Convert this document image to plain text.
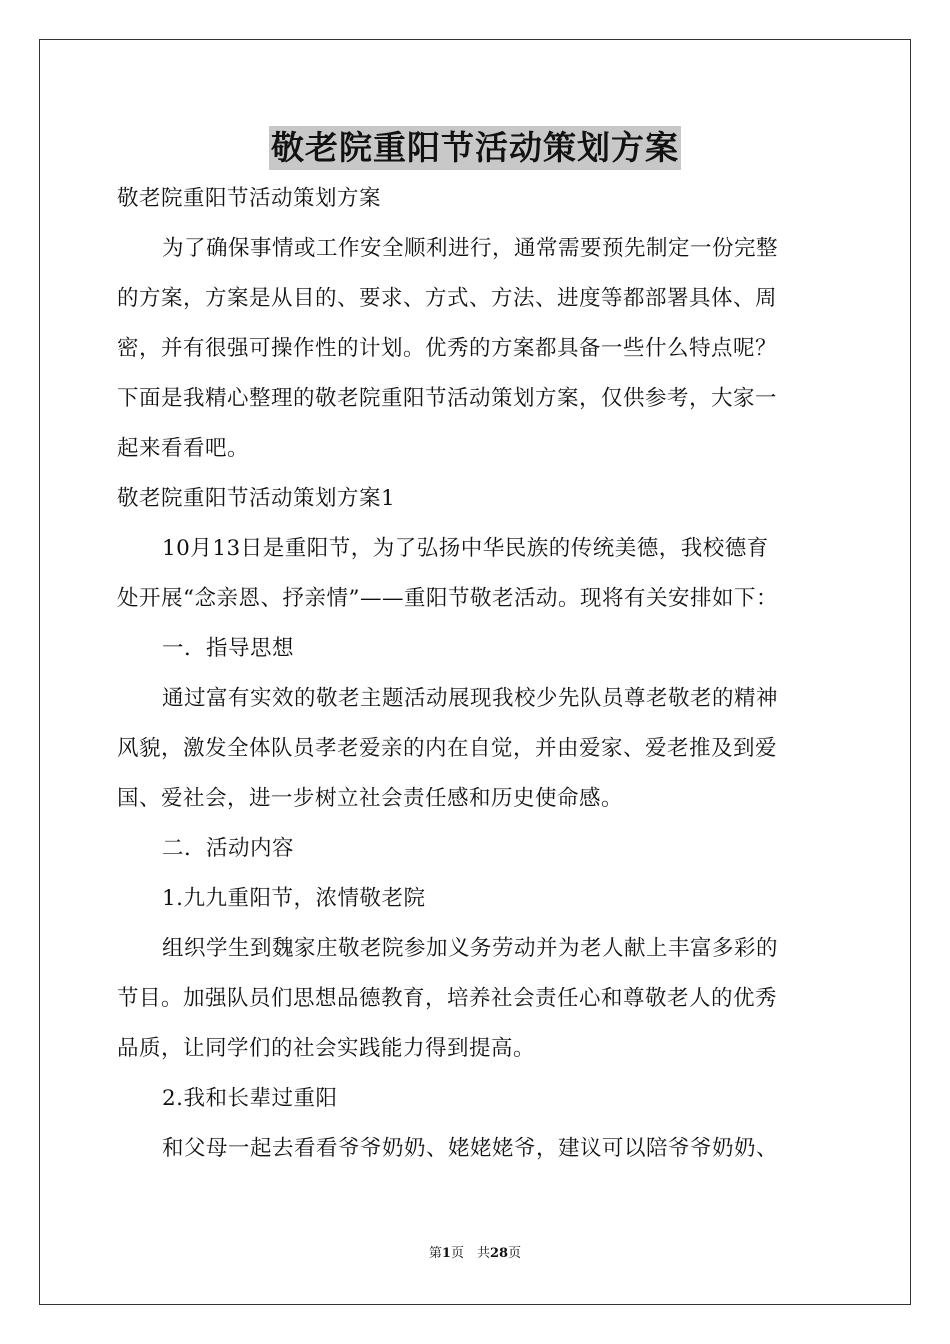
敬老院重阳节活动策划方案
敬老院重阳节活动策划方案
为了确保事情或工作安全顺利进行，通常需要预先制定一份完整
的方案，方案是从目的、要求、方式、方法、进度等都部署具体、周
密，并有很强可操作性的计划。优秀的方案都具备一些什么特点呢？
下面是我精心整理的敬老院重阳节活动策划方案，仅供参考，大家一
起来看看吧。
敬老院重阳节活动策划方案1
10月13日是重阳节，为了弘扬中华民族的传统美德，我校德育
处开展“念亲恩、抒亲情”——重阳节敬老活动。现将有关安排如下：
一．指导思想
通过富有实效的敬老主题活动展现我校少先队员尊老敬老的精神
风貌，激发全体队员孝老爱亲的内在自觉，并由爱家、爱老推及到爱
国、爱社会，进一步树立社会责任感和历史使命感。
二．活动内容
1.九九重阳节，浓情敬老院
组织学生到魏家庄敬老院参加义务劳动并为老人献上丰富多彩的
节目。加强队员们思想品德教育，培养社会责任心和尊敬老人的优秀
品质，让同学们的社会实践能力得到提高。
2.我和长辈过重阳
和父母一起去看看爷爷奶奶、姥姥姥爷，建议可以陪爷爷奶奶、
第1页　共28页
